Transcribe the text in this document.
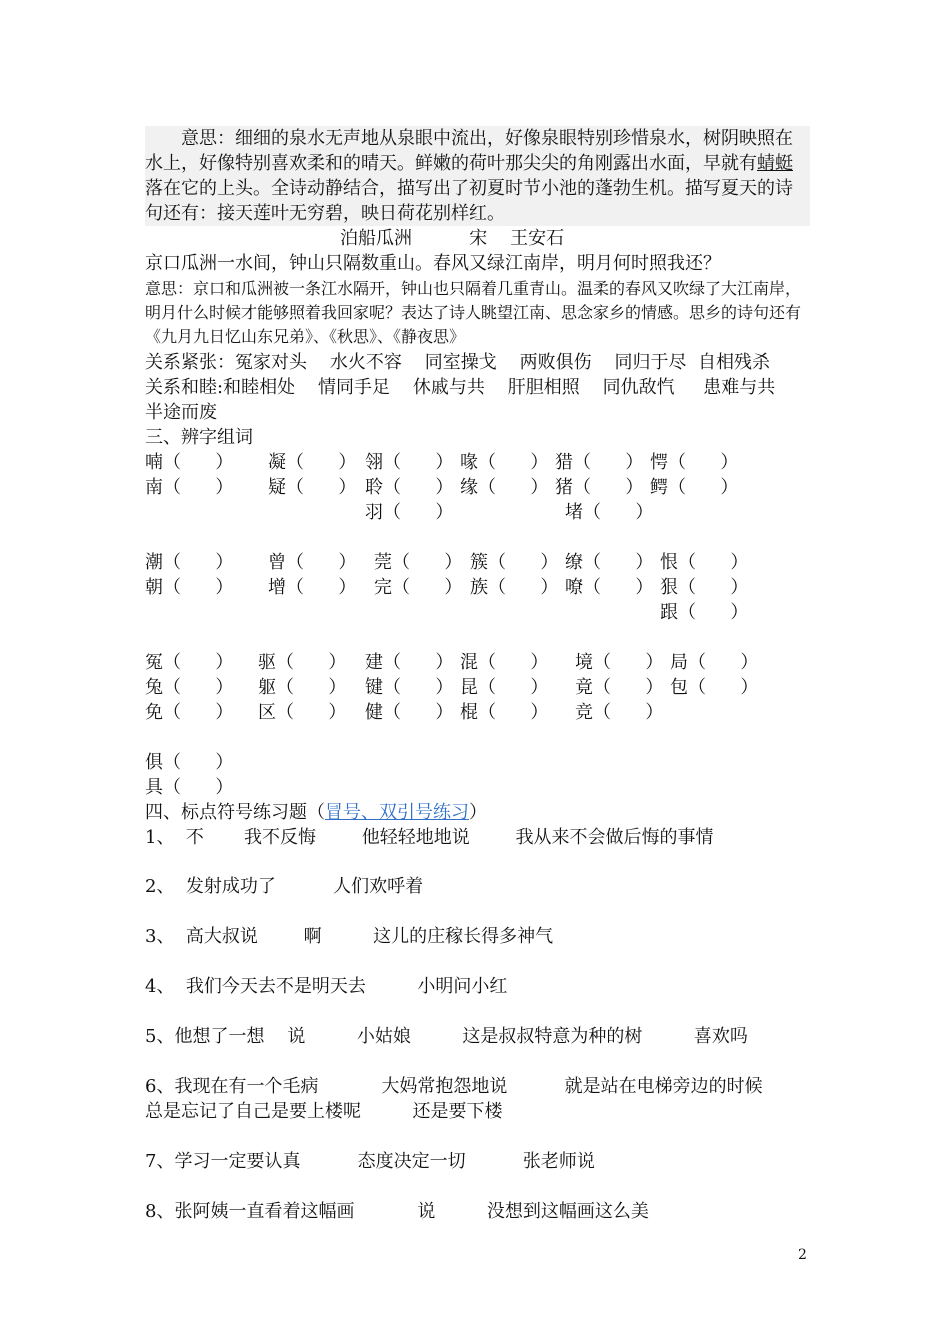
意思：细细的泉水无声地从泉眼中流出，好像泉眼特别珍惜泉水，树阴映照在水上，好像特别喜欢柔和的晴天。鲜嫩的荷叶那尖尖的角刚露出水面，早就有蜻蜓落在它的上头。全诗动静结合，描写出了初夏时节小池的蓬勃生机。描写夏天的诗句还有：接天莲叶无穷碧，映日荷花别样红。
泊船瓜洲          宋    王安石
京口瓜洲一水间，钟山只隔数重山。春风又绿江南岸，明月何时照我还？
意思：京口和瓜洲被一条江水隔开，钟山也只隔着几重青山。温柔的春风又吹绿了大江南岸，明月什么时候才能够照着我回家呢？表达了诗人眺望江南、思念家乡的情感。思乡的诗句还有《九月九日忆山东兄弟》、《秋思》、《静夜思》
关系紧张：冤家对头    水火不容    同室操戈    两败俱伤    同归于尽  自相残杀
关系和睦:和睦相处    情同手足    休戚与共    肝胆相照    同仇敌忾     患难与共
半途而废
三、辨字组词
喃（      ） 凝（      ） 翎（      ） 喙（      ） 猎（      ） 愕（      ）
南（      ） 疑（      ） 聆（      ） 缘（      ） 猪（      ） 鳄（      ）
羽（      ）	堵（      ）
潮（      ） 曾（      ） 莞（      ） 簇（      ） 缭（      ） 恨（      ）
朝（      ） 增（      ） 完（      ） 族（      ） 嘹（      ） 狠（      ）
跟（      ）
冤（      ） 驱（      ） 建（      ） 混（      ） 境（      ） 局（      ）
兔（      ） 躯（      ） 键（      ） 昆（      ） 竟（      ） 包（      ）
免（      ） 区（      ） 健（      ） 棍（      ） 竞（      ）
俱（      ）
具（      ）
四、标点符号练习题（冒号、双引号练习）
1、  不       我不反悔        他轻轻地地说        我从来不会做后悔的事情
2、  发射成功了          人们欢呼着
3、  高大叔说        啊         这儿的庄稼长得多神气
4、  我们今天去不是明天去         小明问小红
5、他想了一想    说         小姑娘         这是叔叔特意为种的树         喜欢吗
6、我现在有一个毛病           大妈常抱怨地说          就是站在电梯旁边的时候
总是忘记了自己是要上楼呢         还是要下楼
7、学习一定要认真          态度决定一切          张老师说
8、张阿姨一直看着这幅画           说         没想到这幅画这么美
2
